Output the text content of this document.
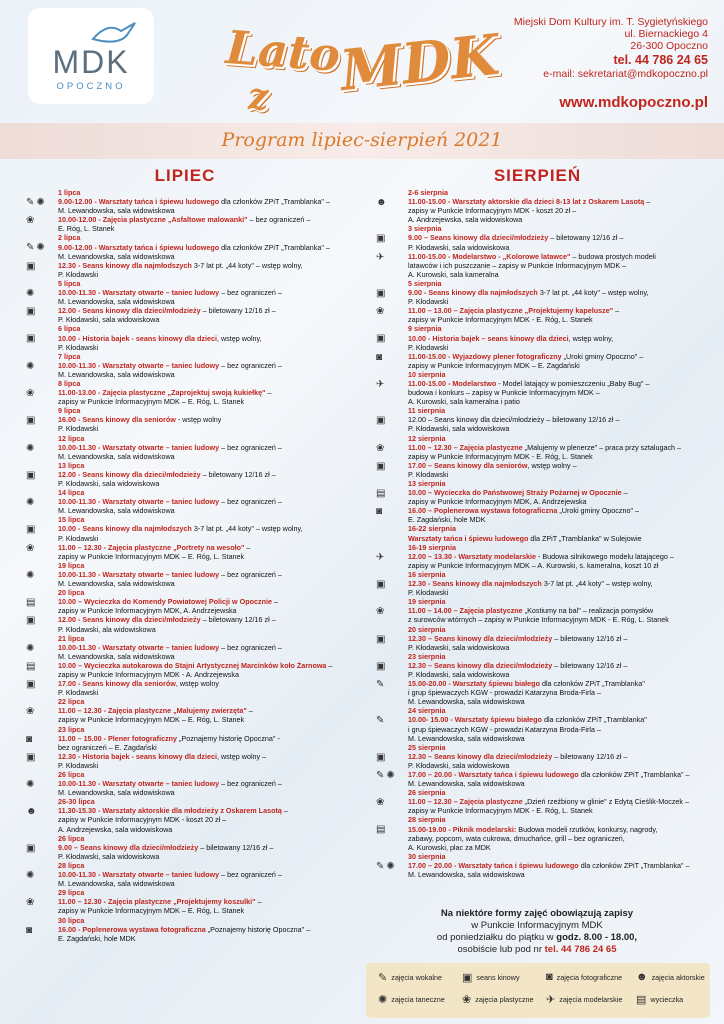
MDK
OPOCZNO
Lato
z MDK	Miejski Dom Kultury im. T. Sygietyńskiego
ul. Biernackiego 4
26-300 Opoczno
tel. 44 786 24 65
e-mail: sekretariat@mdkopoczno.pl
www.mdkopoczno.pl
Program lipiec-sierpień 2021
LIPIEC
1 lipca
✎ ✺ 9.00-12.00 - Warsztaty tańca i śpiewu ludowego dla członków ZPiT „Tramblanka" –
M. Lewandowska, sala widowiskowa
❀	10.00-12.00 - Zajęcia plastyczne „Asfaltowe malowanki" – bez ograniczeń –
E. Róg, L. Stanek
2 lipca
✎ ✺ 9.00-12.00 - Warsztaty tańca i śpiewu ludowego dla członków ZPiT „Tramblanka" –
M. Lewandowska, sala widowiskowa
▣	12.30 - Seans kinowy dla najmłodszych 3-7 lat pt. „44 koty" – wstęp wolny,
P. Kłodawski
5 lipca
✺	10.00-11.30 - Warsztaty otwarte – taniec ludowy – bez ograniczeń –
M. Lewandowska, sala widowiskowa
▣	12.00 - Seans kinowy dla dzieci/młodzieży – biletowany 12/16 zł –
P. Kłodawski, sala widowiskowa
6 lipca
▣	10.00 - Historia bajek - seans kinowy dla dzieci, wstęp wolny,
P. Kłodawski
7 lipca
✺	10.00-11.30 - Warsztaty otwarte – taniec ludowy – bez ograniczeń –
M. Lewandowska, sala widowiskowa
8 lipca
❀	11.00-13.00 - Zajęcia plastyczne „Zaprojektuj swoją kukiełkę" –
zapisy w Punkcie Informacyjnym MDK – E. Róg, L. Stanek
9 lipca
▣	16.00 - Seans kinowy dla seniorów - wstęp wolny
P. Kłodawski
12 lipca
✺	10.00-11.30 - Warsztaty otwarte – taniec ludowy – bez ograniczeń –
M. Lewandowska, sala widowiskowa
13 lipca
▣	12.00 - Seans kinowy dla dzieci/młodzieży – biletowany 12/16 zł –
P. Kłodawski, sala widowiskowa
14 lipca
✺	10.00-11.30 - Warsztaty otwarte – taniec ludowy – bez ograniczeń –
M. Lewandowska, sala widowiskowa
15 lipca
▣	10.00 - Seans kinowy dla najmłodszych 3-7 lat pt. „44 koty" – wstęp wolny,
P. Kłodawski
❀	11.00 – 12.30 - Zajęcia plastyczne „Portrety na wesoło" –
zapisy w Punkcie Informacyjnym MDK – E. Róg, L. Stanek
19 lipca
✺	10.00-11.30 - Warsztaty otwarte – taniec ludowy – bez ograniczeń –
M. Lewandowska, sala widowiskowa
20 lipca
▤	10.00 – Wycieczka do Komendy Powiatowej Policji w Opocznie –
zapisy w Punkcie Informacyjnym MDK, A. Andrzejewska
▣	12.00 - Seans kinowy dla dzieci/młodzieży – biletowany 12/16 zł –
P. Kłodawski, ala widowiskowa
21 lipca
✺	10.00-11.30 - Warsztaty otwarte – taniec ludowy – bez ograniczeń –
M. Lewandowska, sala widowiskowa
▤	10.00 – Wycieczka autokarowa do Stajni Artystycznej Marcinków koło Żarnowa –
zapisy w Punkcie Informacyjnym MDK - A. Andrzejewska
▣	17.00 - Seans kinowy dla seniorów, wstęp wolny
P. Kłodawski
22 lipca
❀	11.00 – 12.30 - Zajęcia plastyczne „Malujemy zwierzęta" –
zapisy w Punkcie Informacyjnym MDK – E. Róg, L. Stanek
23 lipca
◙	11.00 – 15.00 - Plener fotograficzny „Poznajemy historię Opoczna" -
bez ograniczeń – E. Zagdański
▣	12.30 - Historia bajek - seans kinowy dla dzieci, wstęp wolny –
P. Kłodawski
26 lipca
✺	10.00-11.30 - Warsztaty otwarte – taniec ludowy – bez ograniczeń –
M. Lewandowska, sala widowiskowa
26-30 lipca
☻	11.30-15.30 - Warsztaty aktorskie dla młodzieży z Oskarem Lasotą –
zapisy w Punkcie Informacyjnym MDK - koszt 20 zł –
A. Andrzejewska, sala widowiskowa
26 lipca
▣	9.00 – Seans kinowy dla dzieci/młodzieży – biletowany 12/16 zł –
P. Kłodawski, sala widowiskowa
28 lipca
✺	10.00-11.30 - Warsztaty otwarte – taniec ludowy – bez ograniczeń –
M. Lewandowska, sala widowiskowa
29 lipca
❀	11.00 – 12.30 - Zajęcia plastyczne „Projektujemy koszulki" –
zapisy w Punkcie Informacyjnym MDK – E. Róg, L. Stanek
30 lipca
◙	16.00 - Poplenerowa wystawa fotograficzna „Poznajemy historię Opoczna" –
E. Zagdański, hole MDK
SIERPIEŃ
2-6 sierpnia
☻	11.00-15.00 - Warsztaty aktorskie dla dzieci 8-13 lat z Oskarem Lasotą –
zapisy w Punkcie Informacyjnym MDK - koszt 20 zł –
A. Andrzejewska, sala widowiskowa
3 sierpnia
▣	9.00 – Seans kinowy dla dzieci/młodzieży – biletowany 12/16 zł –
P. Kłodawski, sala widowiskowa
✈	11.00-15.00 - Modelarstwo - „Kolorowe latawce" – budowa prostych modeli
latawców i ich puszczanie – zapisy w Punkcie Informacyjnym MDK –
A. Kurowski, sala kameralna
5 sierpnia
▣	9.00 - Seans kinowy dla najmłodszych 3-7 lat pt. „44 koty" – wstęp wolny,
P. Kłodawski
❀	11.00 – 13.00 – Zajęcia plastyczne „Projektujemy kapelusze" –
zapisy w Punkcie Informacyjnym MDK - E. Róg, L. Stanek
9 sierpnia
▣	10.00 - Historia bajek – seans kinowy dla dzieci, wstęp wolny,
P. Kłodawski
◙	11.00-15.00 - Wyjazdowy plener fotograficzny „Uroki gminy Opoczno" –
zapisy w Punkcie Informacyjnym MDK – E. Zagdański
10 sierpnia
✈	11.00-15.00 - Modelarstwo - Model latający w pomieszczeniu „Baby Bug" –
budowa i konkurs – zapisy w Punkcie Informacyjnym MDK –
A. Kurowski, sala kameralna i patio
11 sierpnia
▣	12.00 – Seans kinowy dla dzieci/młodzieży – biletowany 12/16 zł –
P. Kłodawski, sala widowiskowa
12 sierpnia
❀	11.00 – 12.30 – Zajęcia plastyczne „Malujemy w plenerze" – praca przy sztalugach –
zapisy w Punkcie Informacyjnym MDK - E. Róg, L. Stanek
▣	17.00 – Seans kinowy dla seniorów, wstęp wolny –
P. Kłodawski
13 sierpnia
▤	10.00 – Wycieczka do Państwowej Straży Pożarnej w Opocznie –
zapisy w Punkcie Informacyjnym MDK, A. Andrzejewska
◙	16.00 – Poplenerowa wystawa fotograficzna „Uroki gminy Opoczno" –
E. Zagdański, hole MDK
16-22 sierpnia
Warsztaty tańca i śpiewu ludowego dla ZPiT „Tramblanka" w Sulejowie
16-19 sierpnia
✈	12.00 – 13.30 - Warsztaty modelarskie - Budowa silnikowego modelu latającego –
zapisy w Punkcie Informacyjnym MDK – A. Kurowski, s. kameralna, koszt 10 zł
16 sierpnia
▣	12.30 - Seans kinowy dla najmłodszych 3-7 lat pt. „44 koty" – wstęp wolny,
P. Kłodawski
19 sierpnia
❀	11.00 – 14.00 – Zajęcia plastyczne „Kostiumy na bal" – realizacja pomysłów
z surowców wtórnych – zapisy w Punkcie Informacyjnym MDK - E. Róg, L. Stanek
20 sierpnia
▣	12.30 – Seans kinowy dla dzieci/młodzieży – biletowany 12/16 zł –
P. Kłodawski, sala widowiskowa
23 sierpnia
▣	12.30 – Seans kinowy dla dzieci/młodzieży – biletowany 12/16 zł –
P. Kłodawski, sala widowiskowa
✎	15.00-20.00 - Warsztaty śpiewu białego dla członków ZPiT „Tramblanka"
i grup śpiewaczych KGW - prowadzi Katarzyna Broda-Firla –
M. Lewandowska, sala widowiskowa
24 sierpnia
✎	10.00- 15.00 - Warsztaty śpiewu białego dla członków ZPiT „Tramblanka"
i grup śpiewaczych KGW - prowadzi Katarzyna Broda-Firla –
M. Lewandowska, sala widowiskowa
25 sierpnia
▣	12.30 – Seans kinowy dla dzieci/młodzieży – biletowany 12/16 zł –
P. Kłodawski, sala widowiskowa
✎ ✺ 17.00 – 20.00 - Warsztaty tańca i śpiewu ludowego dla członków ZPiT „Tramblanka" –
M. Lewandowska, sala widowiskowa
26 sierpnia
❀	11.00 – 12.30 – Zajęcia plastyczne „Dzień rzeźbiony w glinie" z Edytą Cieślik-Moczek –
zapisy w Punkcie Informacyjnym MDK - E. Róg, L. Stanek
28 sierpnia
▤	15.00-19.00 - Piknik modelarski: Budowa modeli rzutków, konkursy, nagrody,
zabawy, popcorn, wata cukrowa, dmuchańce, grill – bez ograniczeń,
A. Kurowski, plac za MDK
30 sierpnia
✎ ✺ 17.00 – 20.00 - Warsztaty tańca i śpiewu ludowego dla członków ZPiT „Tramblanka" –
M. Lewandowska, sala widowiskowa
Na niektóre formy zajęć obowiązują zapisy
w Punkcie Informacyjnym MDK
od poniedziałku do piątku w godz. 8.00 - 18.00,
osobiście lub pod nr tel. 44 786 24 65
✎ zajęcia wokalne ▣ seans kinowy ◙ zajęcia fotograficzne ☻ zajęcia aktorskie
✺ zajęcia taneczne ❀ zajęcia plastyczne ✈ zajęcia modelarskie ▤ wycieczka
